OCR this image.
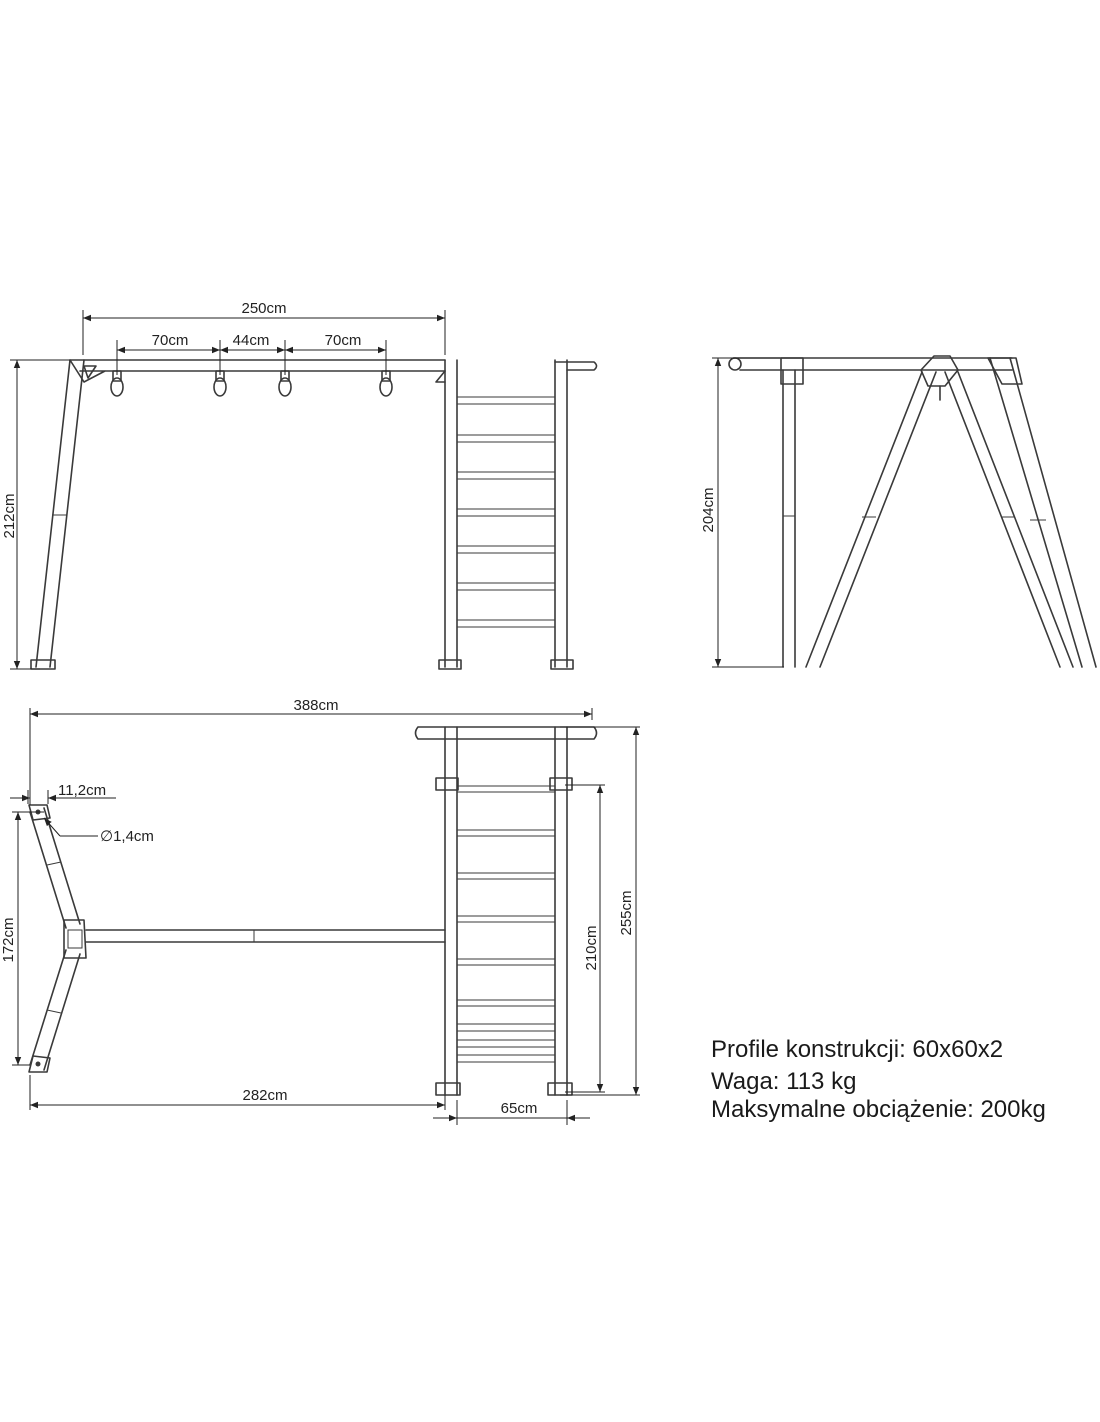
250cm
70cm	44cm	70cm
212cm	204cm
388cm
11,2cm
∅1,4cm
172cm
282cm
65cm
210cm
255cm
Profile konstrukcji: 60x60x2
Waga: 113 kg
Maksymalne obciążenie: 200kg
